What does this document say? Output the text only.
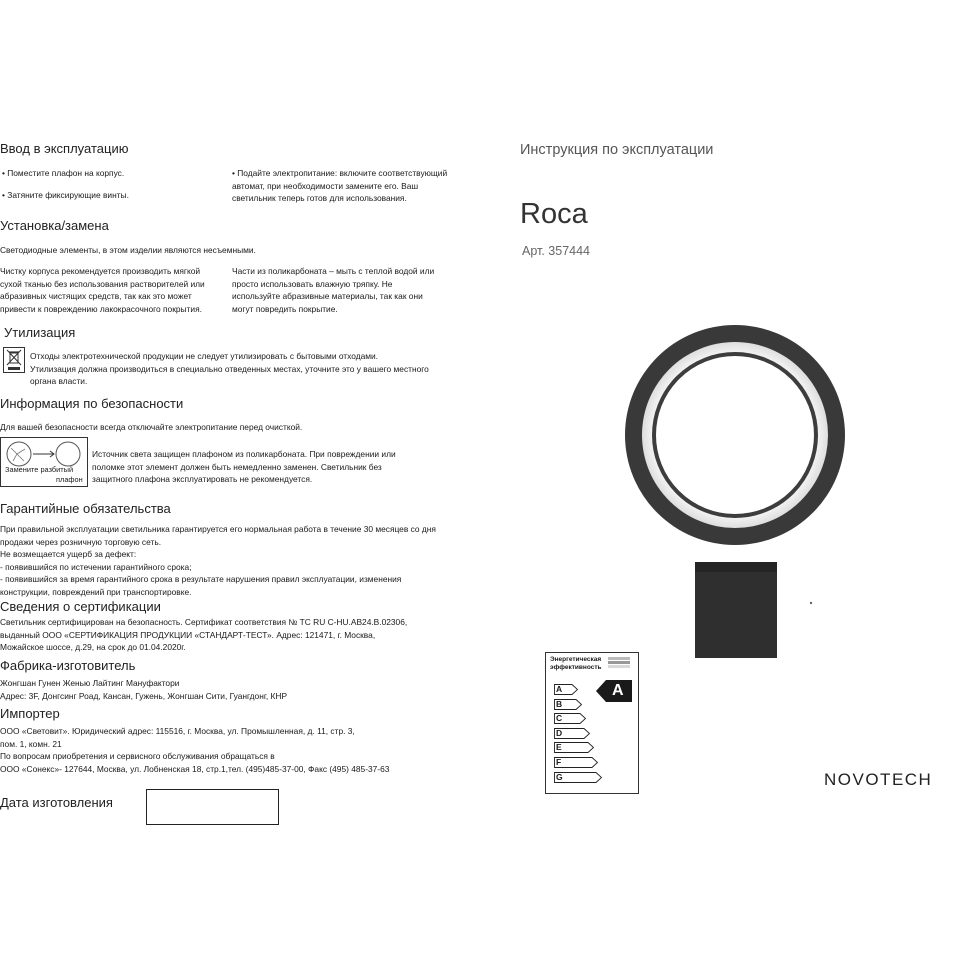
Ввод в эксплуатацию
• Поместите плафон на корпус.
• Затяните фиксирующие винты.

• Подайте электропитание: включите соответствующий

автомат, при необходимости замените его. Ваш

светильник теперь готов для использования.

Установка/замена
Светодиодные элементы, в этом изделии являются несъемными.

Чистку корпуса рекомендуется производить мягкой

сухой тканью без использования растворителей или

абразивных чистящих средств, так как это может

привести к повреждению лакокрасочного покрытия.

Части из поликарбоната – мыть с теплой водой или

просто использовать влажную тряпку. Не

используйте абразивные материалы, так как они

могут повредить покрытие.

Утилизация

Отходы электротехнической продукции не следует утилизировать с бытовыми отходами.

Утилизация должна производиться в специально отведенных местах, уточните это у вашего местного

органа власти.

Информация по безопасности
Для вашей безопасности всегда отключайте электропитание перед очисткой.
Замените разбитый
плафон

Источник света защищен плафоном из поликарбоната. При повреждении или

поломке этот элемент должен быть немедленно заменен. Светильник без

защитного плафона эксплуатировать не рекомендуется.

Гарантийные обязательства

При правильной эксплуатации светильника гарантируется его нормальная работа в течение 30 месяцев со дня

продажи через розничную торговую сеть.

Не возмещается ущерб за дефект:

- появившийся по истечении гарантийного срока;

- появившийся за время гарантийного срока в результате нарушения правил эксплуатации, изменения

конструкции, повреждений при транспортировке.

Сведения о сертификации

Светильник сертифицирован на безопасность. Сертификат соответствия № ТС RU C-HU.AB24.B.02306,

выданный ООО «СЕРТИФИКАЦИЯ ПРОДУКЦИИ «СТАНДАРТ-ТЕСТ». Адрес: 121471, г. Москва,

Можайское шоссе, д.29, на срок до 01.04.2020г.

Фабрика-изготовитель

Жонгшан Гунен Женью Лайтинг Мануфактори

Адрес: 3F, Донгсинг Роад, Кансан, Гужень, Жонгшан Сити, Гуангдонг, КНР

Импортер

ООО «Световит». Юридический адрес: 115516, г. Москва, ул. Промышленная, д. 11, стр. 3,

пом. 1, комн. 21

По вопросам приобретения и сервисного обслуживания обращаться в

ООО «Сонекс»- 127644, Москва, ул. Лобненская 18, стр.1,тел. (495)485-37-00, Факс (495) 485-37-63

Дата изготовления
Инструкция по эксплуатации
Roca
Арт. 357444
Энергетическая
эффективность
A
B
C
D
E
F
G
A
NOVOTECH
